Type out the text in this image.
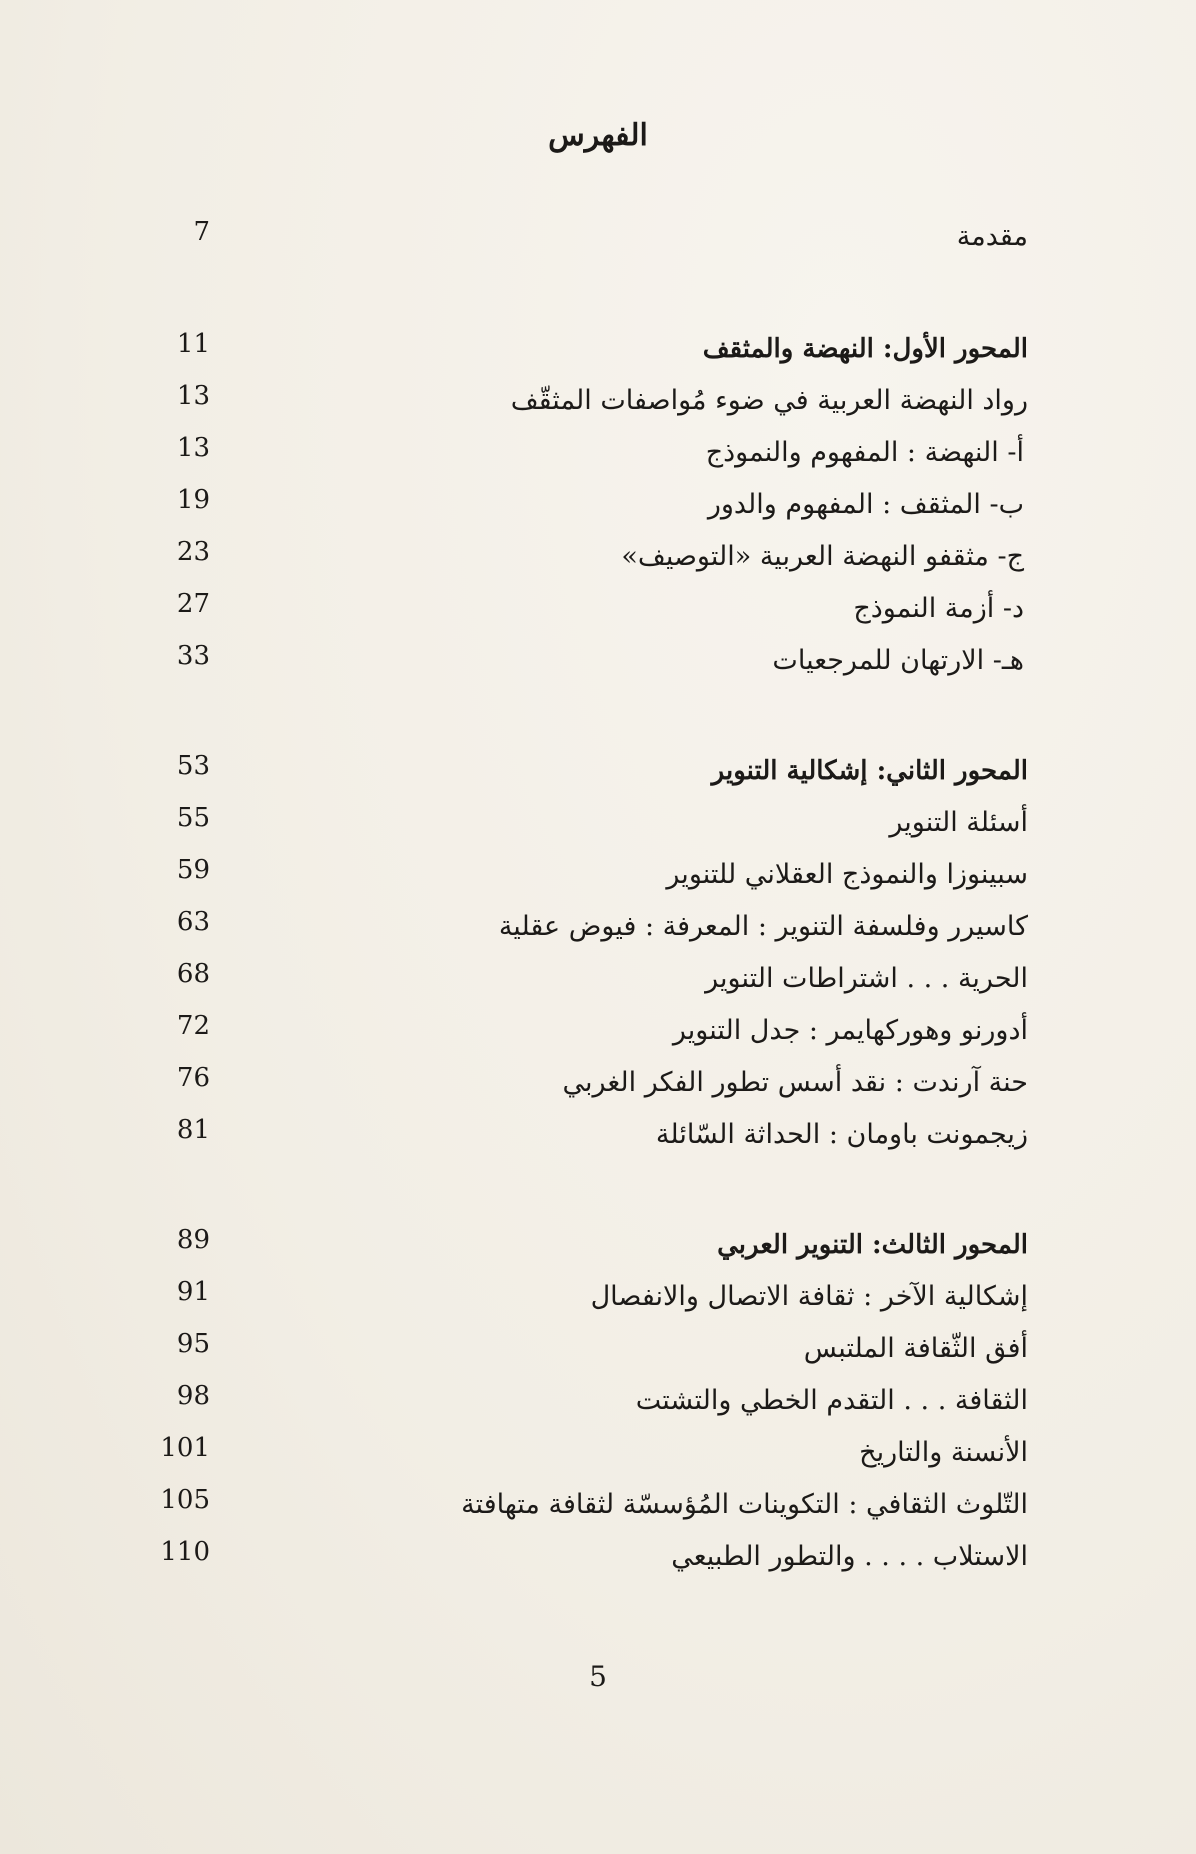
الفهرس
مقدمة
7
المحور الأول: النهضة والمثقف
11
رواد النهضة العربية في ضوء مُواصفات المثقّف
13
أ- النهضة : المفهوم والنموذج
13
ب- المثقف : المفهوم والدور
19
ج- مثقفو النهضة العربية «التوصيف»
23
د- أزمة النموذج
27
هـ- الارتهان للمرجعيات
33
المحور الثاني: إشكالية التنوير
53
أسئلة التنوير
55
سبينوزا والنموذج العقلاني للتنوير
59
كاسيرر وفلسفة التنوير : المعرفة : فيوض عقلية
63
الحرية . . . اشتراطات التنوير
68
أدورنو وهوركهايمر : جدل التنوير
72
حنة آرندت : نقد أسس تطور الفكر الغربي
76
زيجمونت باومان : الحداثة السّائلة
81
المحور الثالث: التنوير العربي
89
إشكالية الآخر : ثقافة الاتصال والانفصال
91
أفق الثّقافة الملتبس
95
الثقافة . . . التقدم الخطي والتشتت
98
الأنسنة والتاريخ
101
التّلوث الثقافي : التكوينات المُؤسسّة لثقافة متهافتة
105
الاستلاب . . . . والتطور الطبيعي
110
5
